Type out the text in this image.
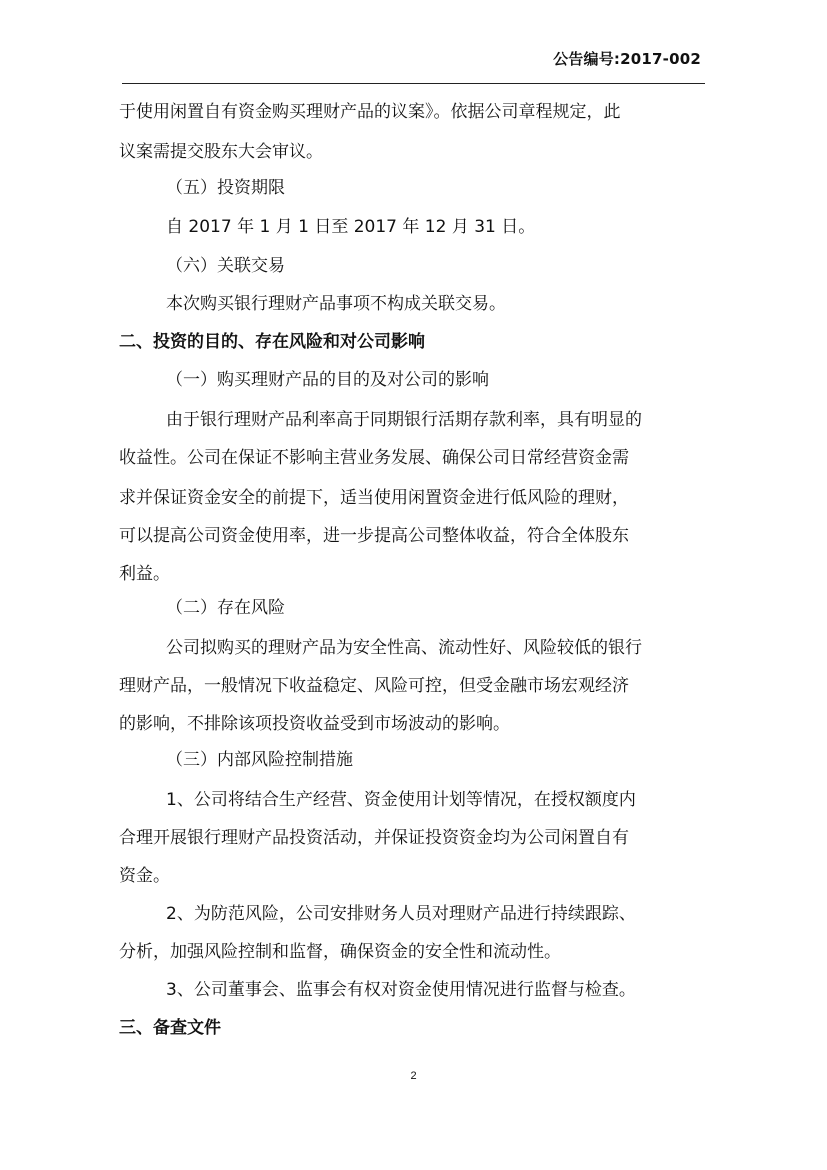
公告编号:2017-002
于使用闲置自有资金购买理财产品的议案》。依据公司章程规定，此
议案需提交股东大会审议。
（五）投资期限
自 2017 年 1 月 1 日至 2017 年 12 月 31 日。
（六）关联交易
本次购买银行理财产品事项不构成关联交易。
二、投资的目的、存在风险和对公司影响
（一）购买理财产品的目的及对公司的影响
由于银行理财产品利率高于同期银行活期存款利率，具有明显的
收益性。公司在保证不影响主营业务发展、确保公司日常经营资金需
求并保证资金安全的前提下，适当使用闲置资金进行低风险的理财，
可以提高公司资金使用率，进一步提高公司整体收益，符合全体股东
利益。
（二）存在风险
公司拟购买的理财产品为安全性高、流动性好、风险较低的银行
理财产品，一般情况下收益稳定、风险可控，但受金融市场宏观经济
的影响，不排除该项投资收益受到市场波动的影响。
（三）内部风险控制措施
1、公司将结合生产经营、资金使用计划等情况，在授权额度内
合理开展银行理财产品投资活动，并保证投资资金均为公司闲置自有
资金。
2、为防范风险，公司安排财务人员对理财产品进行持续跟踪、
分析，加强风险控制和监督，确保资金的安全性和流动性。
3、公司董事会、监事会有权对资金使用情况进行监督与检查。
三、备查文件
2
